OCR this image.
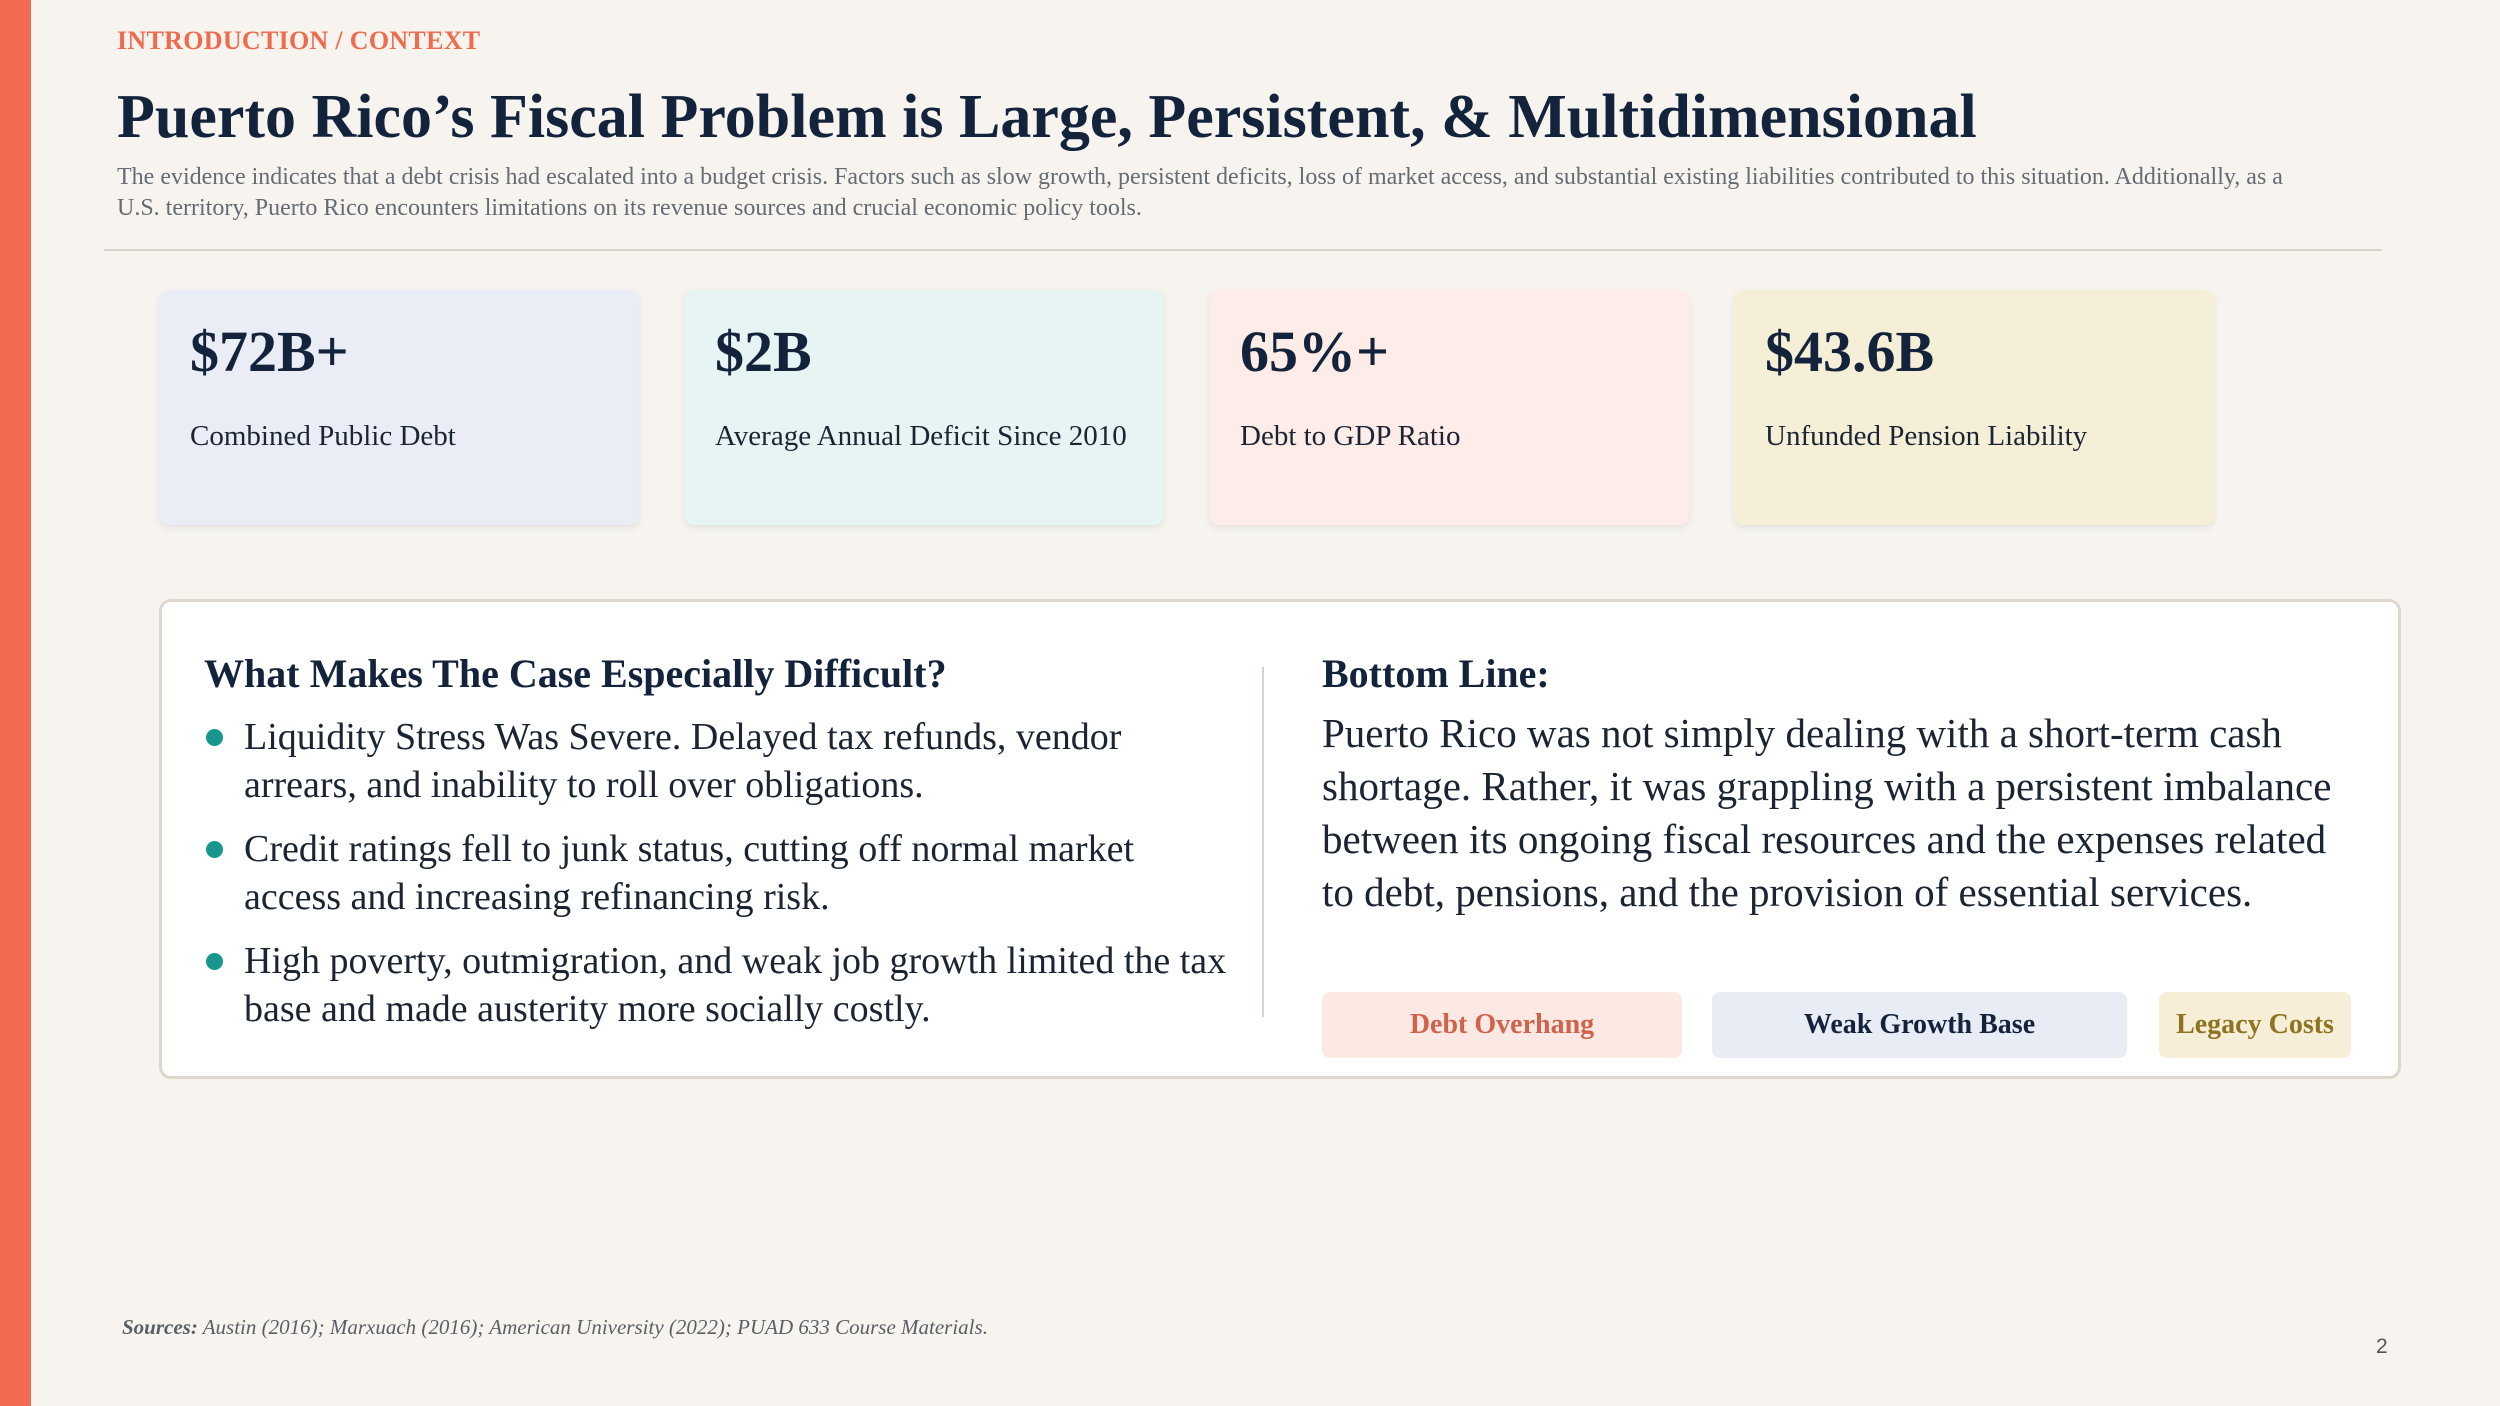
INTRODUCTION / CONTEXT
Puerto Rico’s Fiscal Problem is Large, Persistent, & Multidimensional

The evidence indicates that a debt crisis had escalated into a budget crisis. Factors such as slow growth, persistent deficits, loss of market access, and substantial existing liabilities contributed to this situation. Additionally, as a U.S. territory, Puerto Rico encounters limitations on its revenue sources and crucial economic policy tools.

$72B+
Combined Public Debt
$2B
Average Annual Deficit Since 2010
65%+
Debt to GDP Ratio
$43.6B
Unfunded Pension Liability
What Makes The Case Especially Difficult?
Liquidity Stress Was Severe. Delayed tax refunds, vendor arrears, and inability to roll over obligations.
Credit ratings fell to junk status, cutting off normal market access and increasing refinancing risk.
High poverty, outmigration, and weak job growth limited the tax base and made austerity more socially costly.
Bottom Line:

Puerto Rico was not simply dealing with a short-term cash shortage. Rather, it was grappling with a persistent imbalance between its ongoing fiscal resources and the expenses related to debt, pensions, and the provision of essential services.

Debt Overhang	Weak Growth Base	Legacy Costs
Sources: Austin (2016); Marxuach (2016); American University (2022); PUAD 633 Course Materials.
2
